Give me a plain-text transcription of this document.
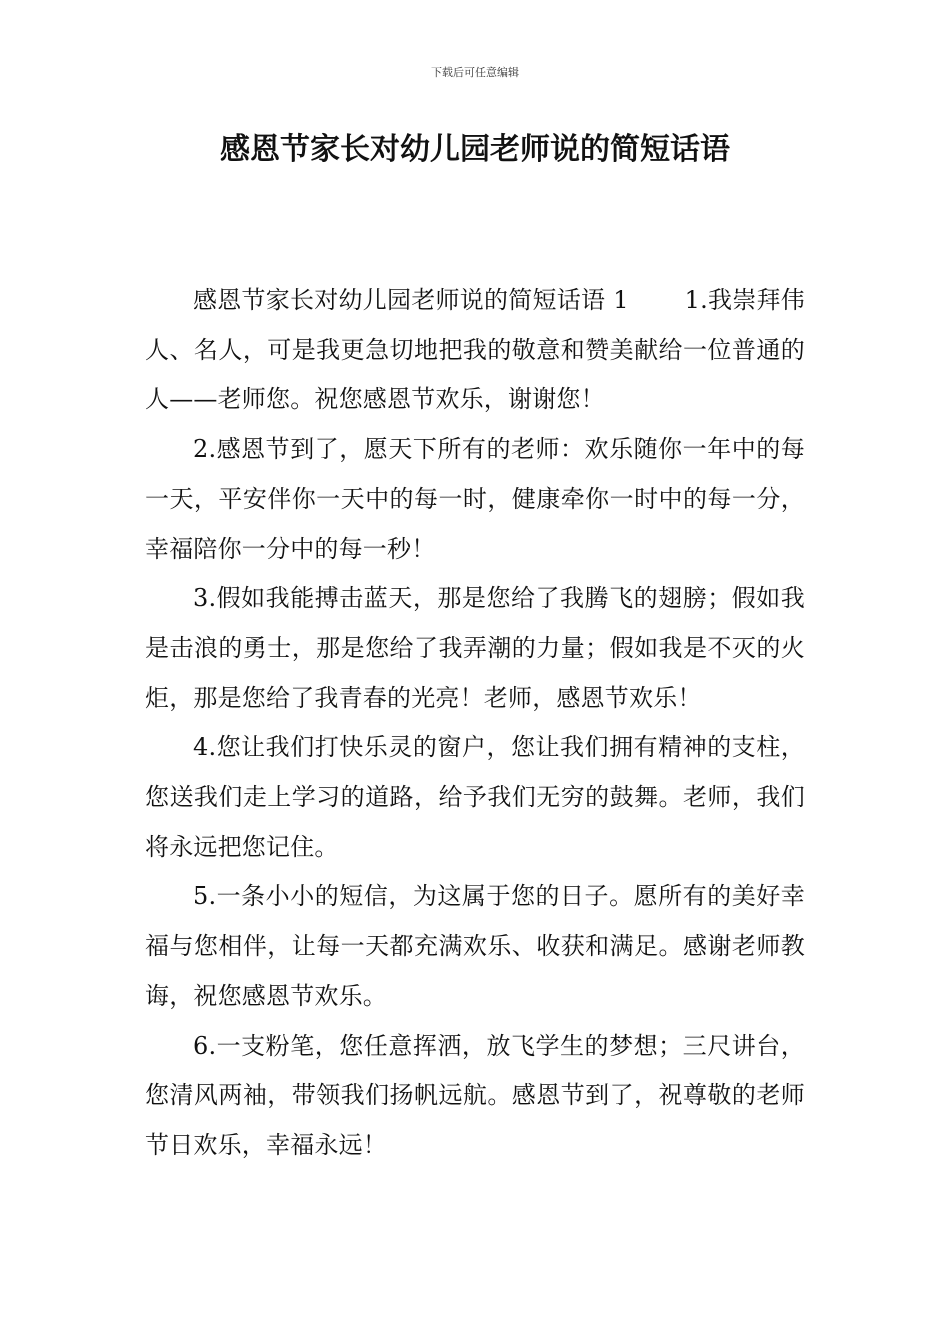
下载后可任意编辑
感恩节家长对幼儿园老师说的简短话语

感恩节家长对幼儿园老师说的简短话语 1 1.我崇拜伟人、名人，可是我更急切地把我的敬意和赞美献给一位普通的人——老师您。祝您感恩节欢乐，谢谢您！

2.感恩节到了，愿天下所有的老师：欢乐随你一年中的每一天，平安伴你一天中的每一时，健康牵你一时中的每一分，幸福陪你一分中的每一秒！

3.假如我能搏击蓝天，那是您给了我腾飞的翅膀；假如我是击浪的勇士，那是您给了我弄潮的力量；假如我是不灭的火炬，那是您给了我青春的光亮！老师，感恩节欢乐！

4.您让我们打快乐灵的窗户，您让我们拥有精神的支柱，您送我们走上学习的道路，给予我们无穷的鼓舞。老师，我们将永远把您记住。

5.一条小小的短信，为这属于您的日子。愿所有的美好幸福与您相伴，让每一天都充满欢乐、收获和满足。感谢老师教诲，祝您感恩节欢乐。

6.一支粉笔，您任意挥洒，放飞学生的梦想；三尺讲台，您清风两袖，带领我们扬帆远航。感恩节到了，祝尊敬的老师节日欢乐，幸福永远！
